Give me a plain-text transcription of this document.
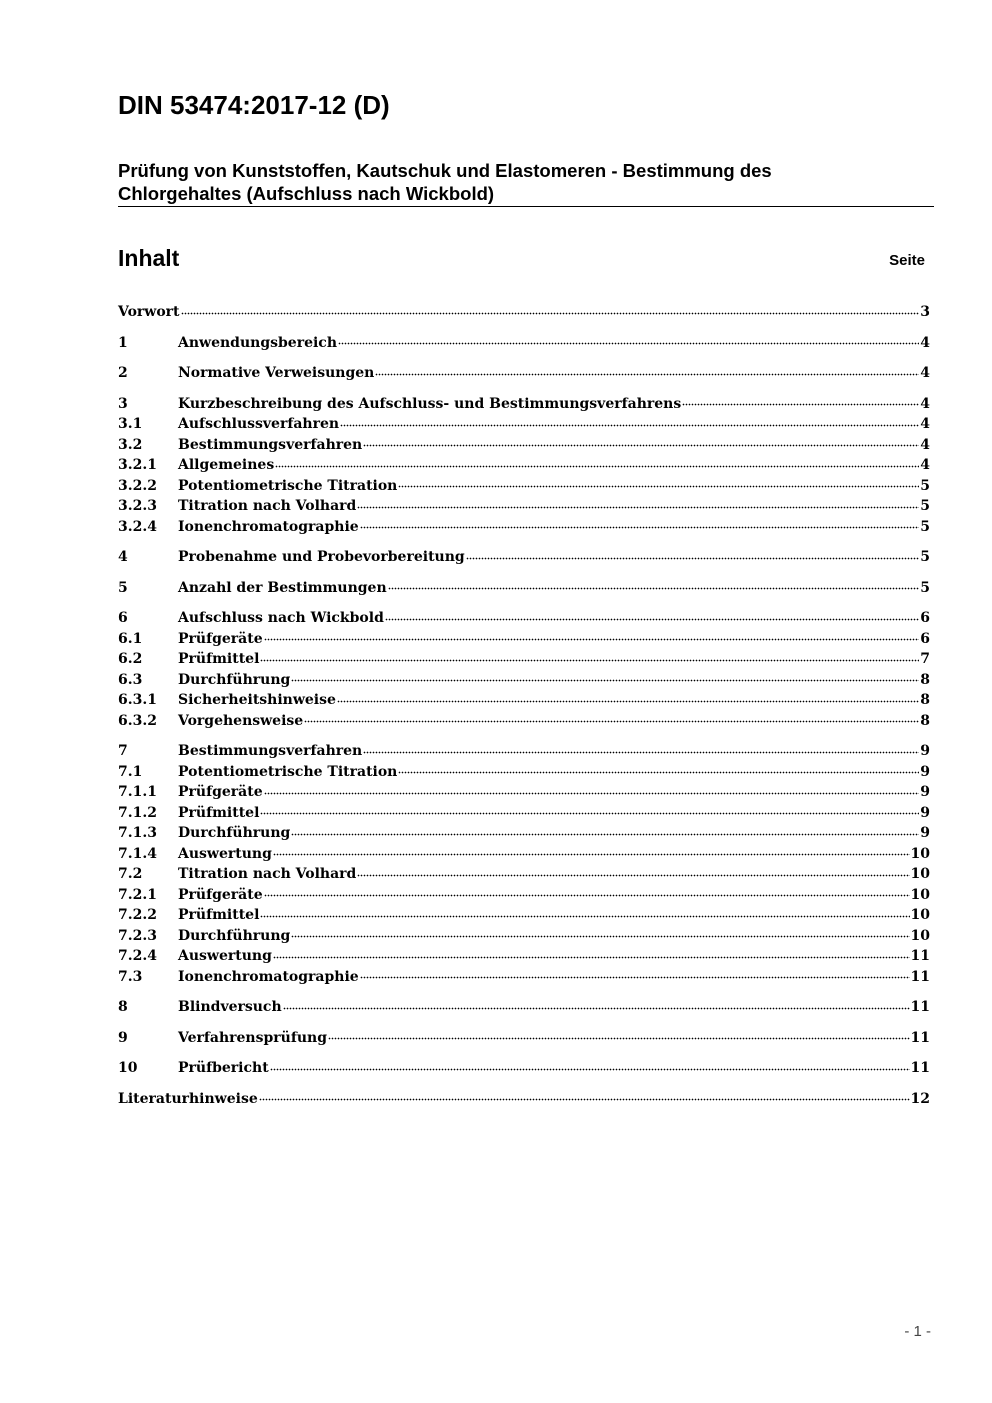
DIN 53474:2017-12 (D)
Prüfung von Kunststoffen, Kautschuk und Elastomeren - Bestimmung des
Chlorgehaltes (Aufschluss nach Wickbold)
Inhalt	Seite
Vorwort	3
1	Anwendungsbereich	4
2	Normative Verweisungen	4
3	Kurzbeschreibung des Aufschluss- und Bestimmungsverfahrens	4
3.1	Aufschlussverfahren	4
3.2	Bestimmungsverfahren	4
3.2.1	Allgemeines	4
3.2.2	Potentiometrische Titration	5
3.2.3	Titration nach Volhard	5
3.2.4	Ionenchromatographie	5
4	Probenahme und Probevorbereitung	5
5	Anzahl der Bestimmungen	5
6	Aufschluss nach Wickbold	6
6.1	Prüfgeräte	6
6.2	Prüfmittel	7
6.3	Durchführung	8
6.3.1	Sicherheitshinweise	8
6.3.2	Vorgehensweise	8
7	Bestimmungsverfahren	9
7.1	Potentiometrische Titration	9
7.1.1	Prüfgeräte	9
7.1.2	Prüfmittel	9
7.1.3	Durchführung	9
7.1.4	Auswertung	10
7.2	Titration nach Volhard	10
7.2.1	Prüfgeräte	10
7.2.2	Prüfmittel	10
7.2.3	Durchführung	10
7.2.4	Auswertung	11
7.3	Ionenchromatographie	11
8	Blindversuch	11
9	Verfahrensprüfung	11
10	Prüfbericht	11
Literaturhinweise	12
- 1 -
